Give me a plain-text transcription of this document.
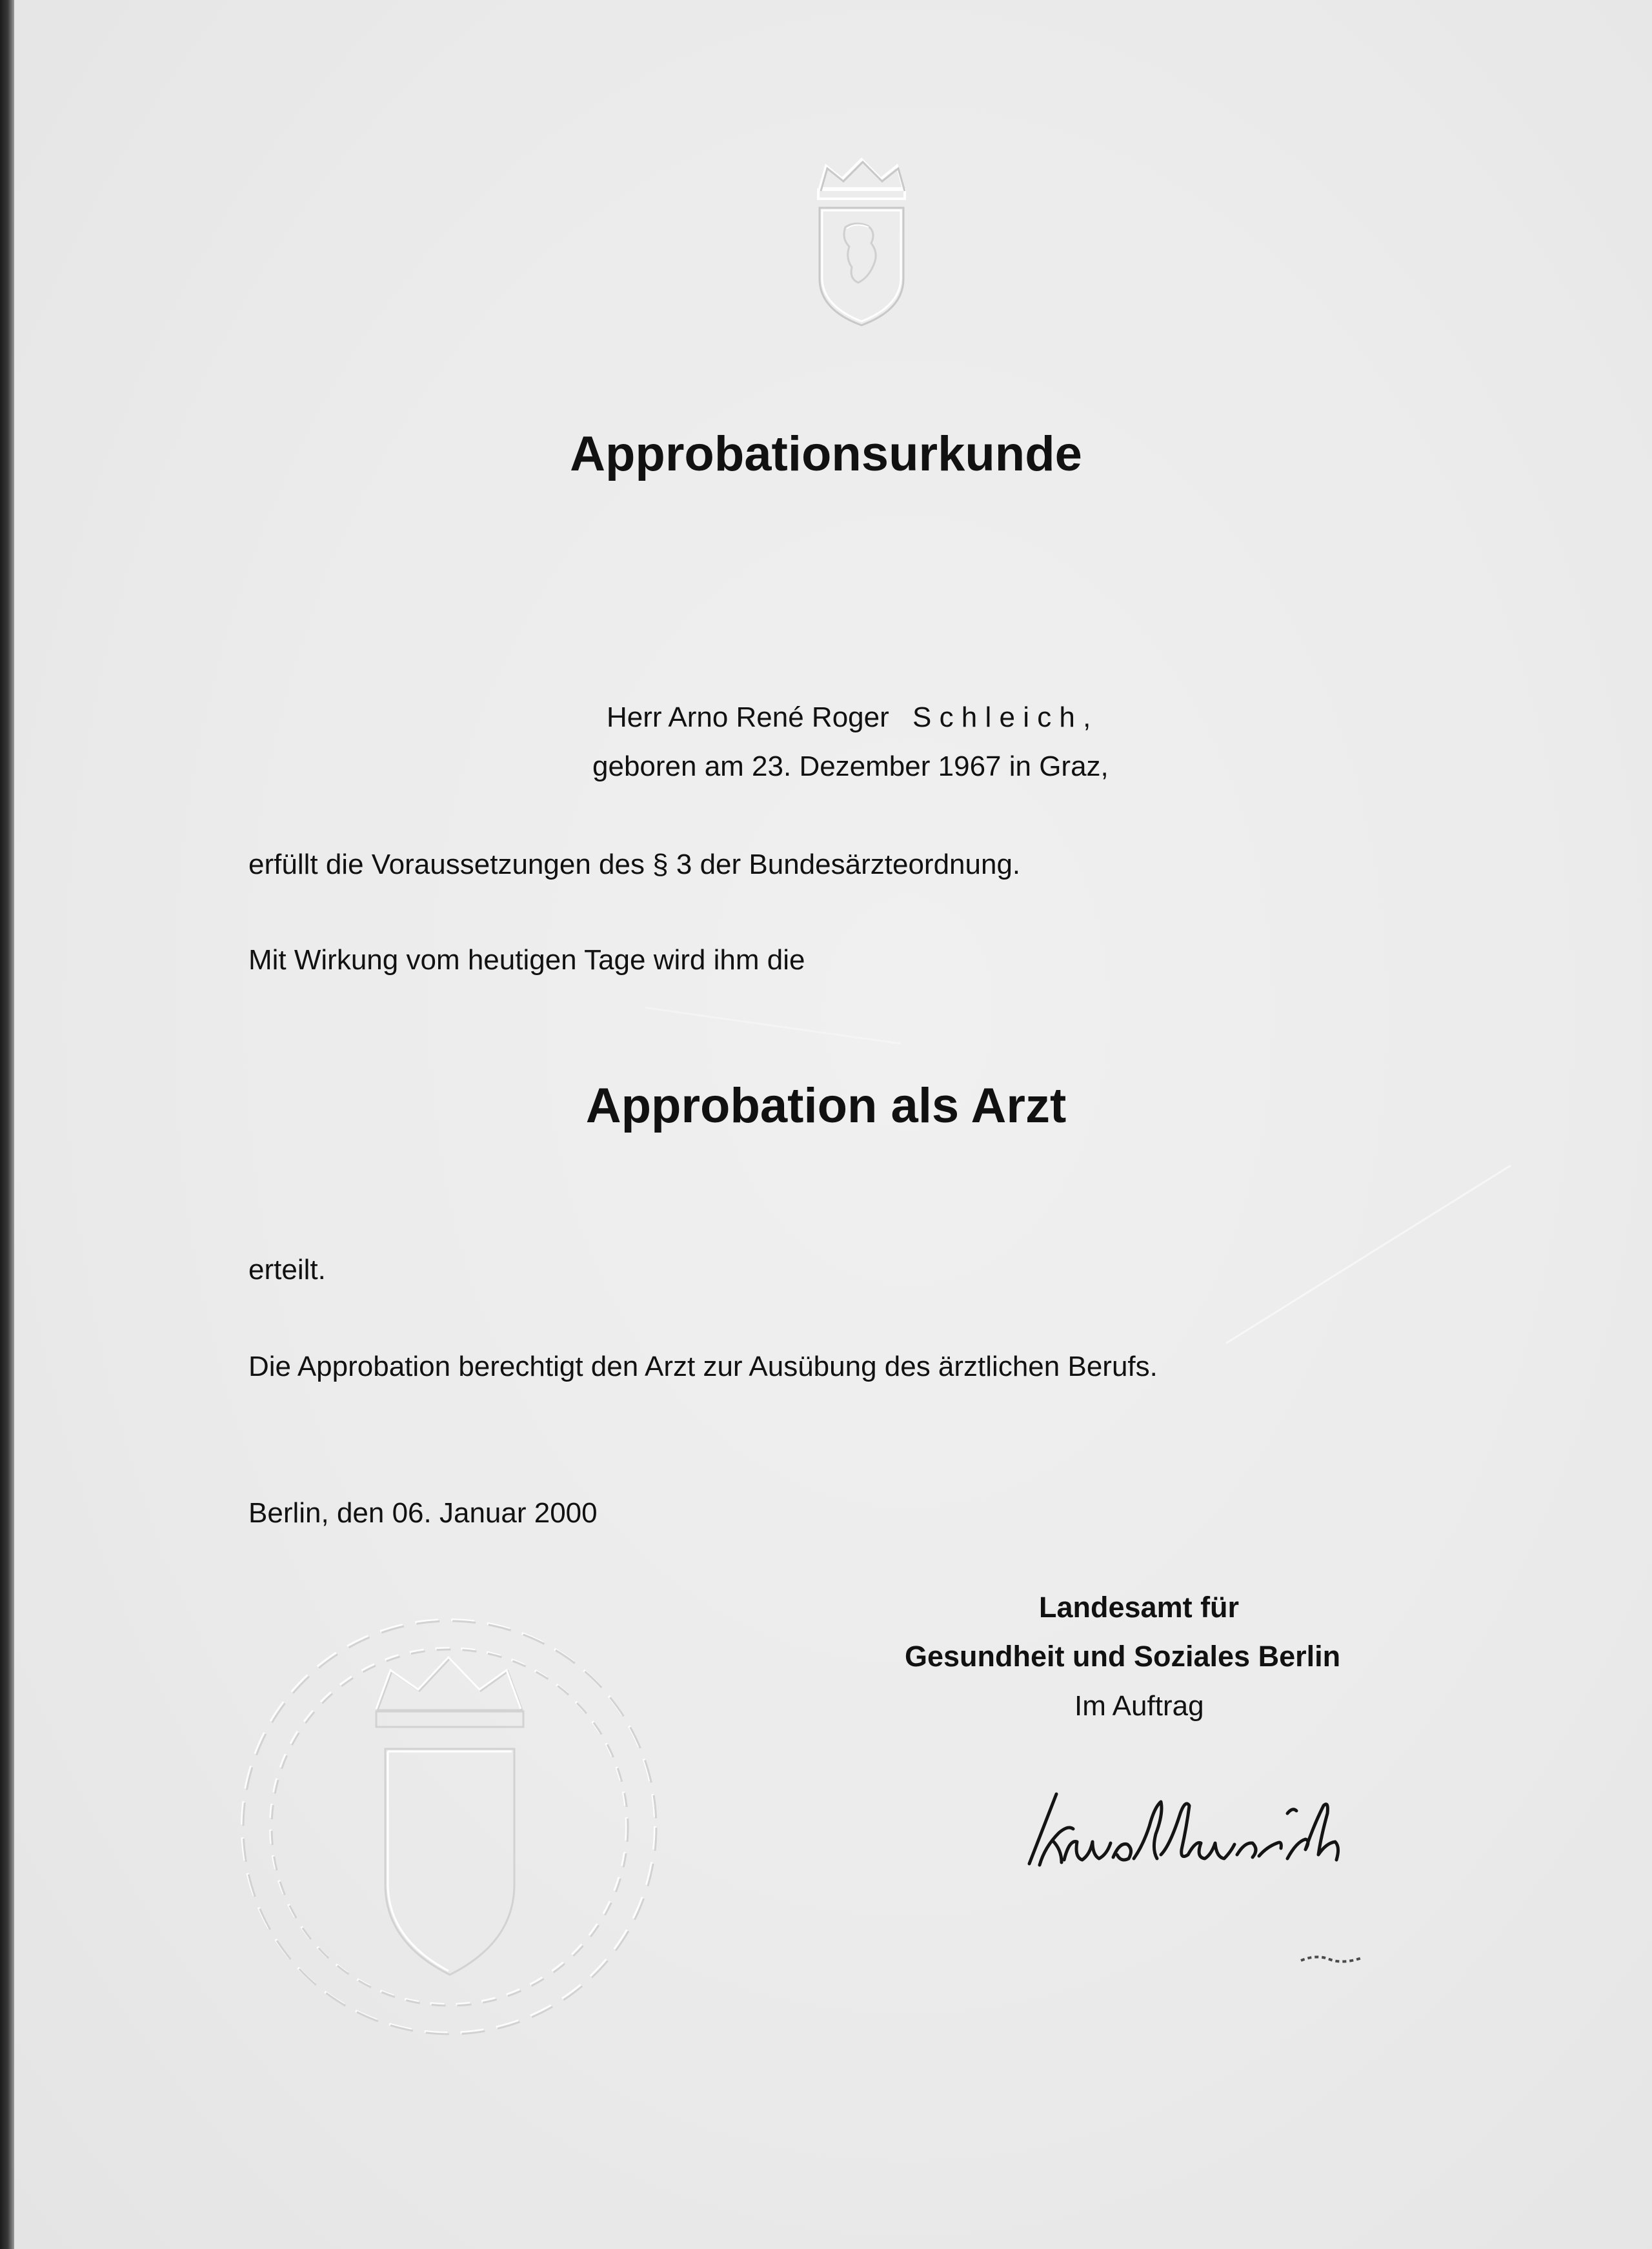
Approbationsurkunde

Herr Arno René Roger S c h l e i c h ,

geboren am 23. Dezember 1967 in Graz,

erfüllt die Voraussetzungen des § 3 der Bundesärzteordnung.

Mit Wirkung vom heutigen Tage wird ihm die

Approbation als Arzt

erteilt.

Die Approbation berechtigt den Arzt zur Ausübung des ärztlichen Berufs.

Berlin, den 06. Januar 2000

Landesamt für

Gesundheit und Soziales Berlin

Im Auftrag
